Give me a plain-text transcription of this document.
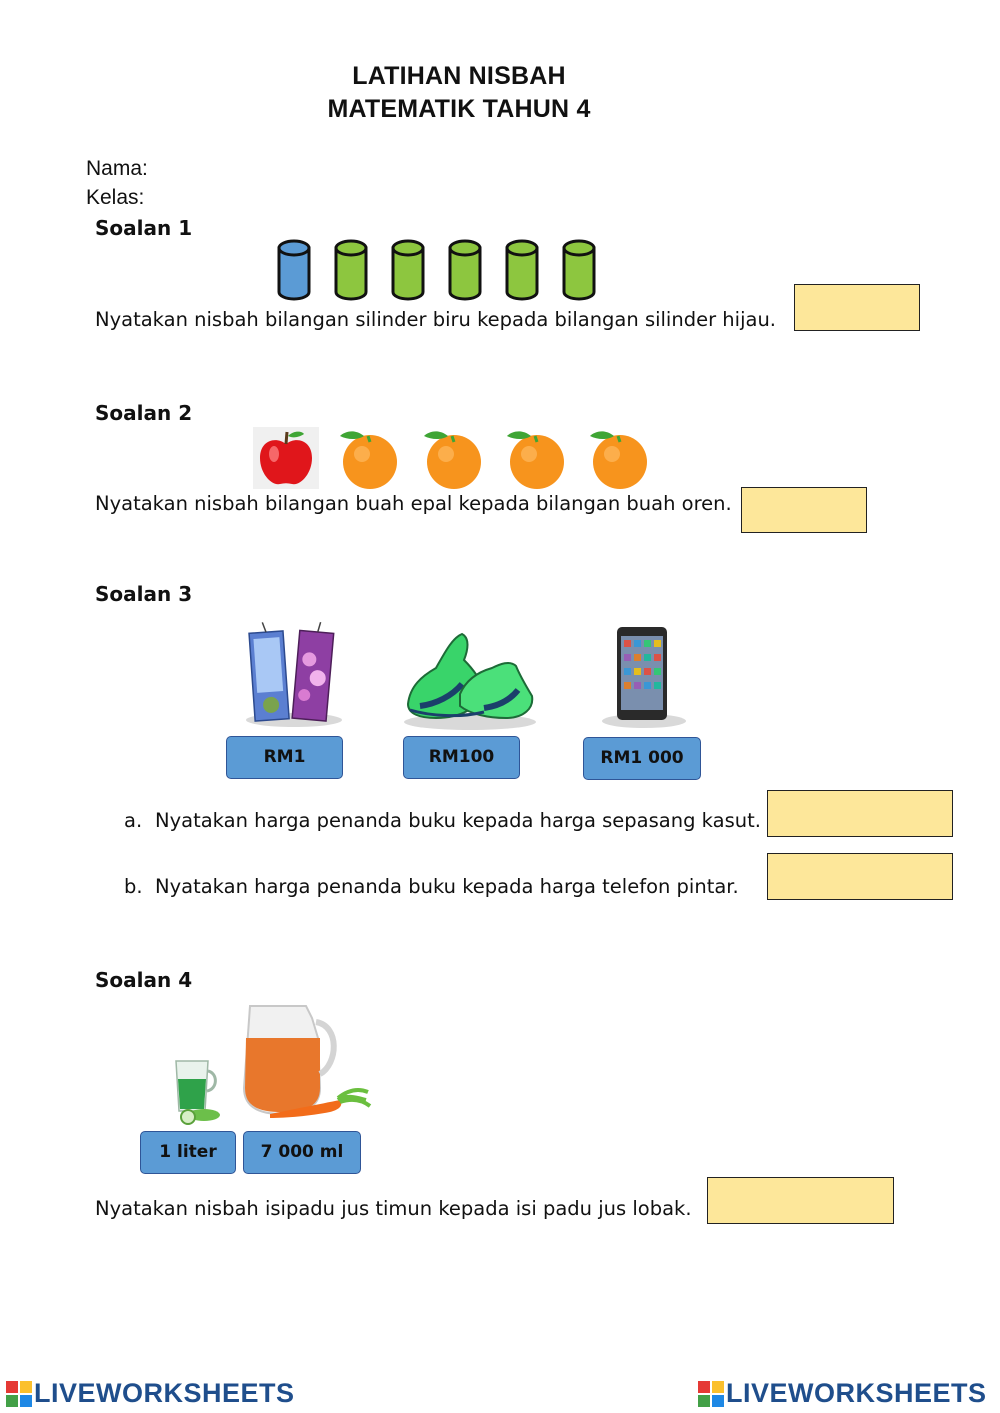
LATIHAN NISBAH
MATEMATIK TAHUN 4
Nama:
Kelas:
Soalan 1
Nyatakan nisbah bilangan silinder biru kepada bilangan silinder hijau.
Soalan 2
Nyatakan nisbah bilangan buah epal kepada bilangan buah oren.
Soalan 3
RM1	RM100	RM1 000
a. Nyatakan harga penanda buku kepada harga sepasang kasut.
b. Nyatakan harga penanda buku kepada harga telefon pintar.
Soalan 4
1 liter	7 000 ml
Nyatakan nisbah isipadu jus timun kepada isi padu jus lobak.
LIVEWORKSHEETS	LIVEWORKSHEETS
